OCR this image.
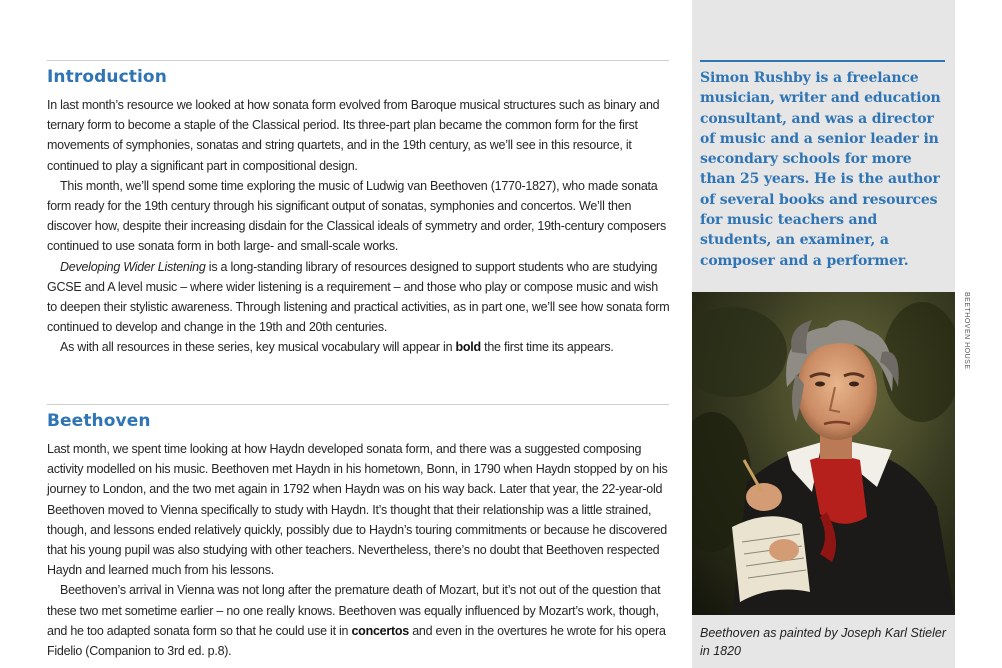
Introduction

In last month’s resource we looked at how sonata form evolved from Baroque musical structures such as binary and ternary form to become a staple of the Classical period. Its three-part plan became the common form for the first movements of symphonies, sonatas and string quartets, and in the 19th century, as we’ll see in this resource, it continued to play a significant part in compositional design.

This month, we’ll spend some time exploring the music of Ludwig van Beethoven (1770-1827), who made sonata form ready for the 19th century through his significant output of sonatas, symphonies and concertos. We’ll then discover how, despite their increasing disdain for the Classical ideals of symmetry and order, 19th-century composers continued to use sonata form in both large- and small-scale works.

Developing Wider Listening is a long-standing library of resources designed to support students who are studying GCSE and A level music – where wider listening is a requirement – and those who play or compose music and wish to deepen their stylistic awareness. Through listening and practical activities, as in part one, we’ll see how sonata form continued to develop and change in the 19th and 20th centuries.

As with all resources in these series, key musical vocabulary will appear in bold the first time its appears.

Beethoven

Last month, we spent time looking at how Haydn developed sonata form, and there was a suggested composing activity modelled on his music. Beethoven met Haydn in his hometown, Bonn, in 1790 when Haydn stopped by on his journey to London, and the two met again in 1792 when Haydn was on his way back. Later that year, the 22-year-old Beethoven moved to Vienna specifically to study with Haydn. It’s thought that their relationship was a little strained, though, and lessons ended relatively quickly, possibly due to Haydn’s touring commitments or because he discovered that his young pupil was also studying with other teachers. Nevertheless, there’s no doubt that Beethoven respected Haydn and learned much from his lessons.

Beethoven’s arrival in Vienna was not long after the premature death of Mozart, but it’s not out of the question that these two met sometime earlier – no one really knows. Beethoven was equally influenced by Mozart’s work, though, and he too adapted sonata form so that he could use it in concertos and even in the overtures he wrote for his opera Fidelio (Companion to 3rd ed. p.8).

Simon Rushby is a freelance musician, writer and education consultant, and was a director of music and a senior leader in secondary schools for more than 25 years. He is the author of several books and resources for music teachers and students, an examiner, a composer and a performer.

BEETHOVEN HOUSE

Beethoven as painted by Joseph Karl Stieler in 1820
